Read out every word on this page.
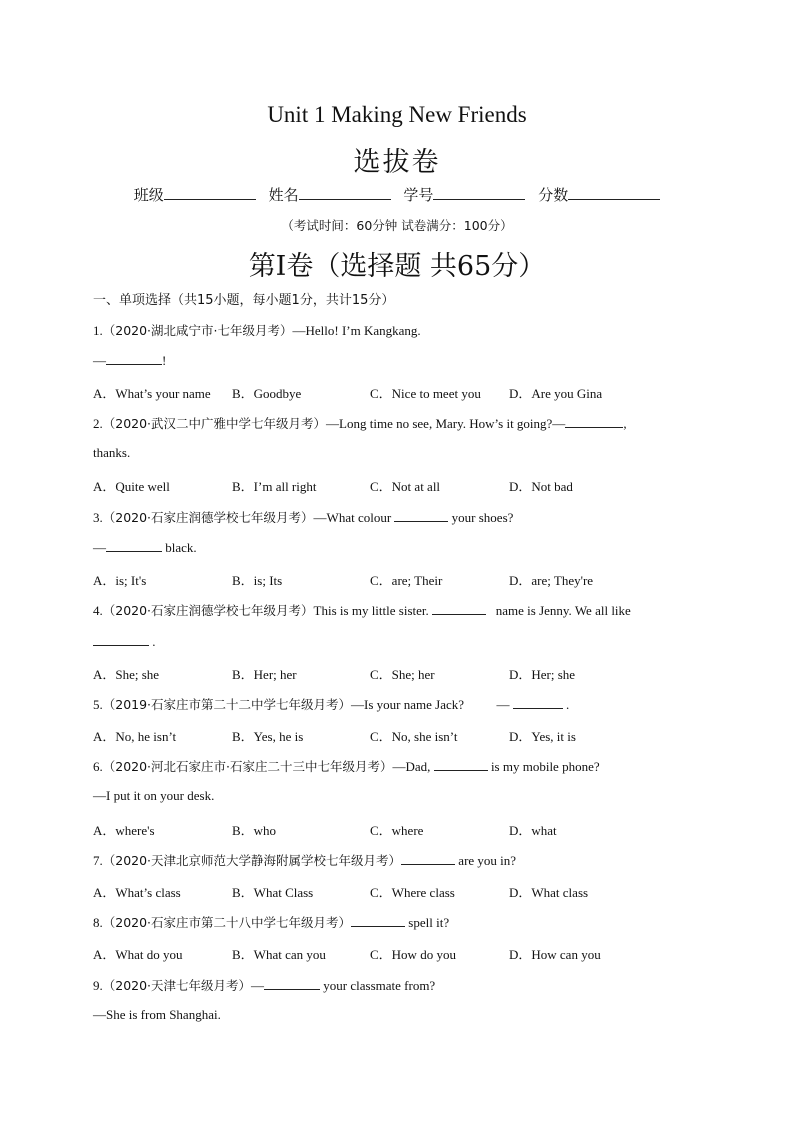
Unit 1 Making New Friends
选拔卷
班级	姓名	学号	分数
（考试时间：60分钟 试卷满分：100分）
第Ⅰ卷（选择题 共65分）
一、单项选择（共15小题，每小题1分，共计15分）
1.（2020·湖北咸宁市·七年级月考）—Hello! I’m Kangkang.
—	!
A．What’s your name B．Goodbye	C．Nice to meet you D．Are you Gina
2.（2020·武汉二中广雅中学七年级月考）—Long time no see, Mary. How’s it going?—	,
thanks.
A．Quite well	B．I’m all right	C．Not at all	D．Not bad
3.（2020·石家庄润德学校七年级月考）—What colour	your shoes?
—	black.
A．is; It's	B．is; Its	C．are; Their	D．are; They're
4.（2020·石家庄润德学校七年级月考）This is my little sister.	name is Jenny. We all like
.
A．She; she	B．Her; her	C．She; her	D．Her; she
5.（2019·石家庄市第二十二中学七年级月考）—Is your name Jack?	—	.
A．No, he isn’t	B．Yes, he is	C．No, she isn’t	D．Yes, it is
6.（2020·河北石家庄市·石家庄二十三中七年级月考）—Dad,	is my mobile phone?
—I put it on your desk.
A．where's	B．who	C．where	D．what
7.（2020·天津北京师范大学静海附属学校七年级月考）	are you in?
A．What’s class	B．What Class	C．Where class	D．What class
8.（2020·石家庄市第二十八中学七年级月考）	spell it?
A．What do you	B．What can you	C．How do you	D．How can you
9.（2020·天津七年级月考）—	your classmate from?
—She is from Shanghai.
